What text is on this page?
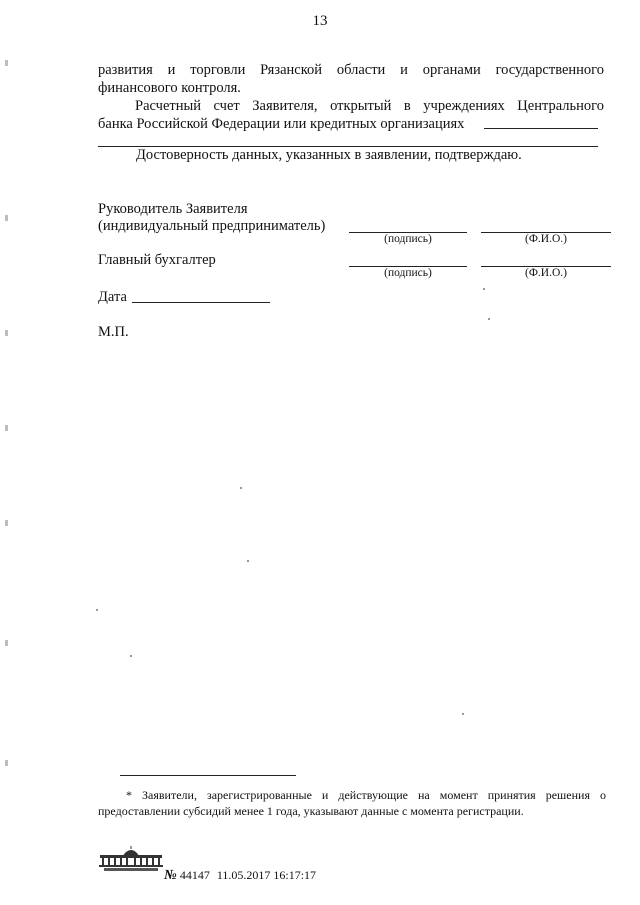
13
развития и торговли Рязанской области и органами государственного
финансового контроля.
Расчетный счет Заявителя, открытый в учреждениях Центрального
банка Российской Федерации или кредитных организациях
Достоверность данных, указанных в заявлении, подтверждаю.
Руководитель Заявителя
(индивидуальный предприниматель)
(подпись)	(Ф.И.О.)
Главный бухгалтер
(подпись)	(Ф.И.О.)
Дата
М.П.
* Заявители, зарегистрированные и действующие на момент принятия решения о
предоставлении субсидий менее 1 года, указывают данные с момента регистрации.
№ 44147 11.05.2017 16:17:17
